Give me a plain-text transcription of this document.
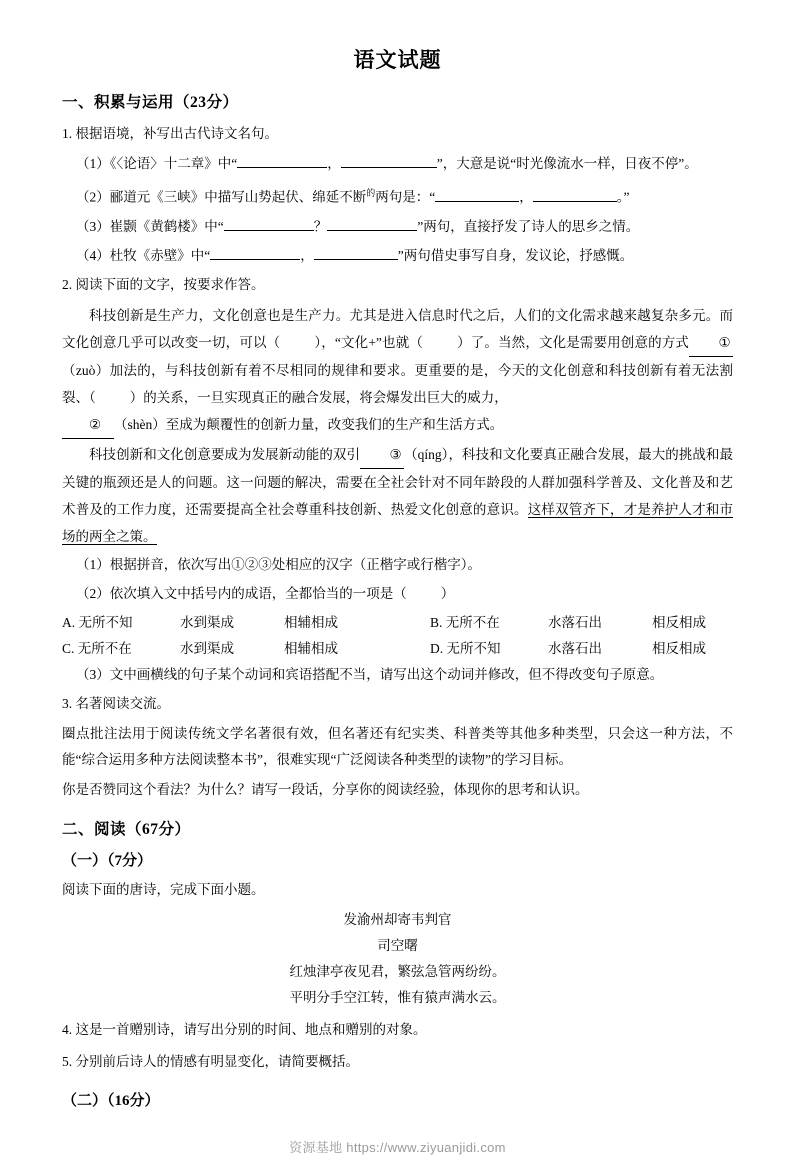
语文试题
一、积累与运用（23分）
1. 根据语境，补写出古代诗文名句。
（1）《〈论语〉十二章》中“	，	”，大意是说“时光像流水一样，日夜不停”。
（2）郦道元《三峡》中描写山势起伏、绵延不断$^的$两句是：“	，	。”
（3）崔颢《黄鹤楼》中“	？	”两句，直接抒发了诗人的思乡之情。
（4）杜牧《赤壁》中“	，	”两句借史事写自身，发议论，抒感慨。
2. 阅读下面的文字，按要求作答。
科技创新是生产力，文化创意也是生产力。尤其是进入信息时代之后，人们的文化需求越来越复杂多元。而文化创意几乎可以改变一切，可以（	），“文化+”也就（	）了。当然，文化是需要用创意的方式 ①（zuò）加法的，与科技创新有着不尽相同的规律和要求。更重要的是，今天的文化创意和科技创新有着无法割裂、（	）的关系，一旦实现真正的融合发展，将会爆发出巨大的威力，
② （shèn）至成为颠覆性的创新力量，改变我们的生产和生活方式。
科技创新和文化创意要成为发展新动能的双引 ③ （qíng），科技和文化要真正融合发展，最大的挑战和最关键的瓶颈还是人的问题。这一问题的解决，需要在全社会针对不同年龄段的人群加强科学普及、文化普及和艺术普及的工作力度，还需要提高全社会尊重科技创新、热爱文化创意的意识。这样双管齐下，才是养护人才和市场的两全之策。
（1）根据拼音，依次写出①②③处相应的汉字（正楷字或行楷字）。
（2）依次填入文中括号内的成语，全都恰当的一项是（	）
A. 无所不知	水到渠成	相辅相成	B. 无所不在	水落石出	相反相成
C. 无所不在	水到渠成	相辅相成	D. 无所不知	水落石出	相反相成
（3）文中画横线的句子某个动词和宾语搭配不当，请写出这个动词并修改，但不得改变句子原意。
3. 名著阅读交流。
圈点批注法用于阅读传统文学名著很有效，但名著还有纪实类、科普类等其他多种类型，只会这一种方法，不能“综合运用多种方法阅读整本书”，很难实现“广泛阅读各种类型的读物”的学习目标。
你是否赞同这个看法？为什么？请写一段话，分享你的阅读经验，体现你的思考和认识。
二、阅读（67分）
（一）（7分）
阅读下面的唐诗，完成下面小题。
发渝州却寄韦判官
司空曙
红烛津亭夜见君，繁弦急管两纷纷。
平明分手空江转，惟有猿声满水云。
4. 这是一首赠别诗，请写出分别的时间、地点和赠别的对象。
5. 分别前后诗人的情感有明显变化，请简要概括。
（二）（16分）
资源基地 https://www.ziyuanjidi.com
